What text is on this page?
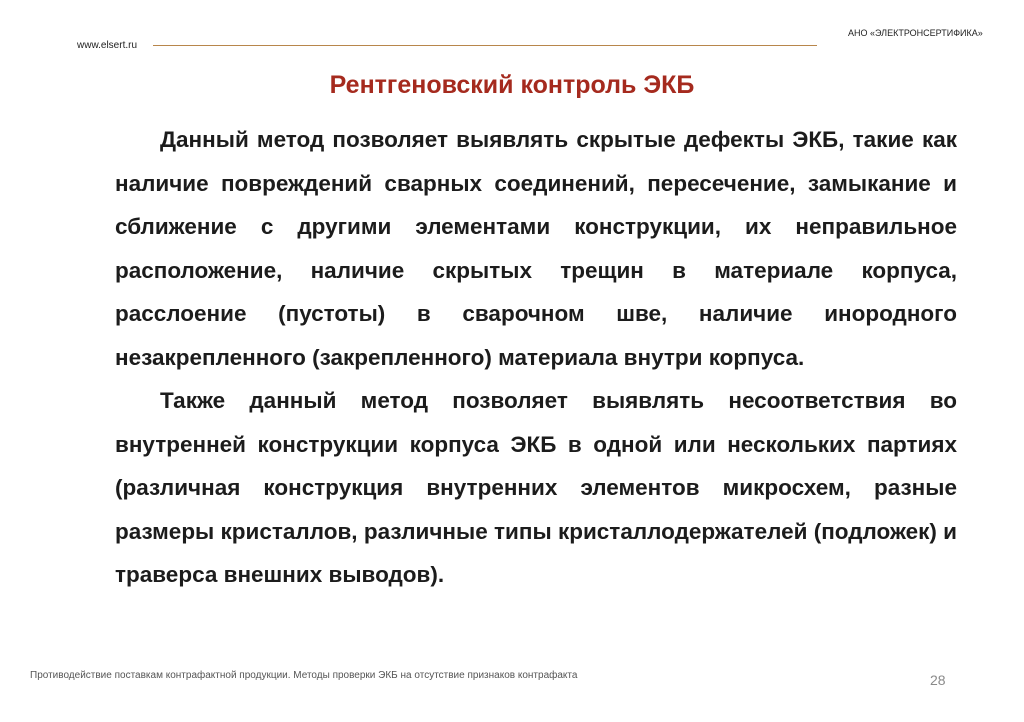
АНО «ЭЛЕКТРОНСЕРТИФИКА»
www.elsert.ru
Рентгеновский контроль ЭКБ

Данный метод позволяет выявлять скрытые дефекты ЭКБ, такие как наличие повреждений сварных соединений, пересечение, замыкание и сближение с другими элементами конструкции, их неправильное расположение, наличие скрытых трещин в материале корпуса, расслоение (пустоты) в сварочном шве, наличие инородного незакрепленного (закрепленного) материала внутри корпуса.

Также данный метод позволяет выявлять несоответствия во внутренней конструкции корпуса ЭКБ в одной или нескольких партиях (различная конструкция внутренних элементов микросхем, разные размеры кристаллов, различные типы кристаллодержателей (подложек) и траверса внешних выводов).

Противодействие поставкам контрафактной продукции. Методы проверки ЭКБ на отсутствие признаков контрафакта	28
